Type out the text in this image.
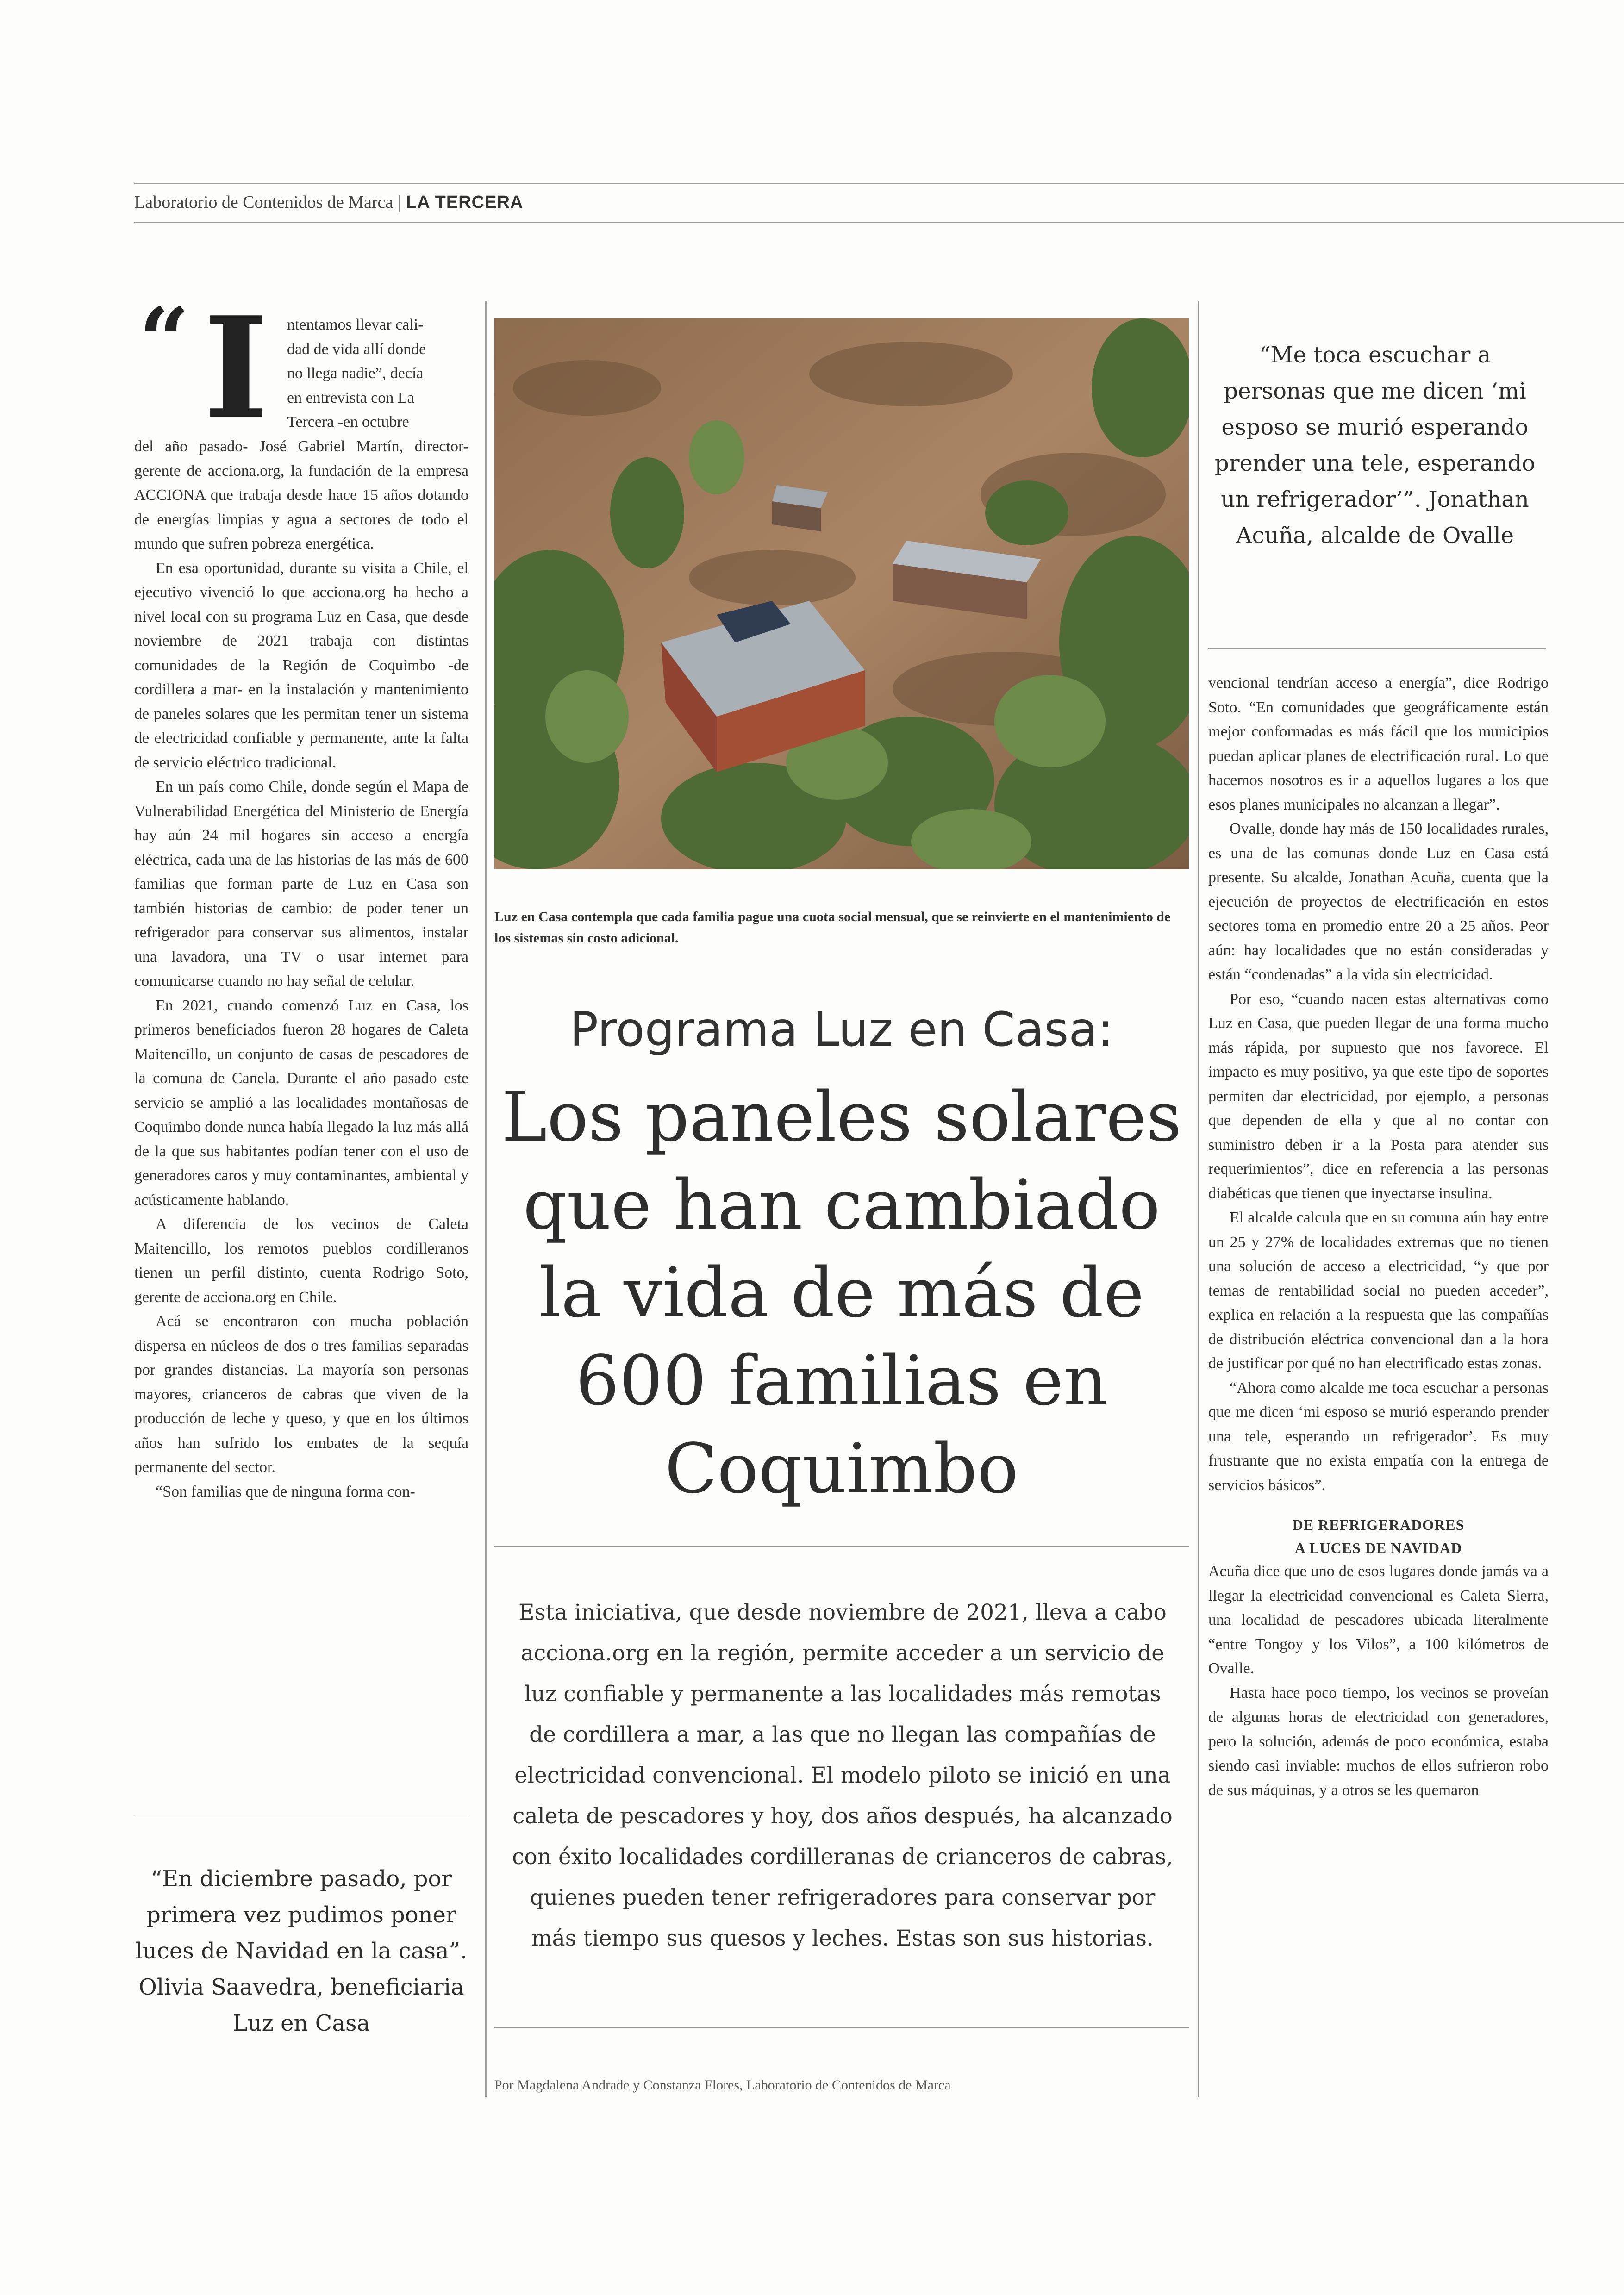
Laboratorio de Contenidos de Marca | LA TERCERA
“ I ntentamos llevar cali-
dad de vida allí donde
no llega nadie”, decía
en entrevista con La
Tercera -en octubre

del año pasado- José Gabriel Martín, director-gerente de acciona.org, la fundación de la empresa ACCIONA que trabaja desde hace 15 años dotando de energías limpias y agua a sectores de todo el mundo que sufren pobreza energética.

En esa oportunidad, durante su visita a Chile, el ejecutivo vivenció lo que acciona.org ha hecho a nivel local con su programa Luz en Casa, que desde noviembre de 2021 trabaja con distintas comunidades de la Región de Coquimbo -de cordillera a mar- en la instalación y mantenimiento de paneles solares que les permitan tener un sistema de electricidad confiable y permanente, ante la falta de servicio eléctrico tradicional.

En un país como Chile, donde según el Mapa de Vulnerabilidad Energética del Ministerio de Energía hay aún 24 mil hogares sin acceso a energía eléctrica, cada una de las historias de las más de 600 familias que forman parte de Luz en Casa son también historias de cambio: de poder tener un refrigerador para conservar sus alimentos, instalar una lavadora, una TV o usar internet para comunicarse cuando no hay señal de celular.

En 2021, cuando comenzó Luz en Casa, los primeros beneficiados fueron 28 hogares de Caleta Maitencillo, un conjunto de casas de pescadores de la comuna de Canela. Durante el año pasado este servicio se amplió a las localidades montañosas de Coquimbo donde nunca había llegado la luz más allá de la que sus habitantes podían tener con el uso de generadores caros y muy contaminantes, ambiental y acústicamente hablando.

A diferencia de los vecinos de Caleta Maitencillo, los remotos pueblos cordilleranos tienen un perfil distinto, cuenta Rodrigo Soto, gerente de acciona.org en Chile.

Acá se encontraron con mucha población dispersa en núcleos de dos o tres familias separadas por grandes distancias. La mayoría son personas mayores, crianceros de cabras que viven de la producción de leche y queso, y que en los últimos años han sufrido los embates de la sequía permanente del sector.

“Son familias que de ninguna forma con-

“En diciembre pasado, por primera vez pudimos poner luces de Navidad en la casa”. Olivia Saavedra, beneficiaria Luz en Casa
Luz en Casa contempla que cada familia pague una cuota social mensual, que se reinvierte en el mantenimiento de los sistemas sin costo adicional.
Programa Luz en Casa:
Los paneles solares que han cambiado la vida de más de 600 familias en Coquimbo
Esta iniciativa, que desde noviembre de 2021, lleva a cabo acciona.org en la región, permite acceder a un servicio de luz confiable y permanente a las localidades más remotas de cordillera a mar, a las que no llegan las compañías de electricidad convencional. El modelo piloto se inició en una caleta de pescadores y hoy, dos años después, ha alcanzado con éxito localidades cordilleranas de crianceros de cabras, quienes pueden tener refrigeradores para conservar por más tiempo sus quesos y leches. Estas son sus historias.
Por Magdalena Andrade y Constanza Flores, Laboratorio de Contenidos de Marca
“Me toca escuchar a personas que me dicen ‘mi esposo se murió esperando prender una tele, esperando un refrigerador’”. Jonathan Acuña, alcalde de Ovalle

vencional tendrían acceso a energía”, dice Rodrigo Soto. “En comunidades que geográficamente están mejor conformadas es más fácil que los municipios puedan aplicar planes de electrificación rural. Lo que hacemos nosotros es ir a aquellos lugares a los que esos planes municipales no alcanzan a llegar”.

Ovalle, donde hay más de 150 localidades rurales, es una de las comunas donde Luz en Casa está presente. Su alcalde, Jonathan Acuña, cuenta que la ejecución de proyectos de electrificación en estos sectores toma en promedio entre 20 a 25 años. Peor aún: hay localidades que no están consideradas y están “condenadas” a la vida sin electricidad.

Por eso, “cuando nacen estas alternativas como Luz en Casa, que pueden llegar de una forma mucho más rápida, por supuesto que nos favorece. El impacto es muy positivo, ya que este tipo de soportes permiten dar electricidad, por ejemplo, a personas que dependen de ella y que al no contar con suministro deben ir a la Posta para atender sus requerimientos”, dice en referencia a las personas diabéticas que tienen que inyectarse insulina.

El alcalde calcula que en su comuna aún hay entre un 25 y 27% de localidades extremas que no tienen una solución de acceso a electricidad, “y que por temas de rentabilidad social no pueden acceder”, explica en relación a la respuesta que las compañías de distribución eléctrica convencional dan a la hora de justificar por qué no han electrificado estas zonas.

“Ahora como alcalde me toca escuchar a personas que me dicen ‘mi esposo se murió esperando prender una tele, esperando un refrigerador’. Es muy frustrante que no exista empatía con la entrega de servicios básicos”.

DE REFRIGERADORES
A LUCES DE NAVIDAD

Acuña dice que uno de esos lugares donde jamás va a llegar la electricidad convencional es Caleta Sierra, una localidad de pescadores ubicada literalmente “entre Tongoy y los Vilos”, a 100 kilómetros de Ovalle.

Hasta hace poco tiempo, los vecinos se proveían de algunas horas de electricidad con generadores, pero la solución, además de poco económica, estaba siendo casi inviable: muchos de ellos sufrieron robo de sus máquinas, y a otros se les quemaron
